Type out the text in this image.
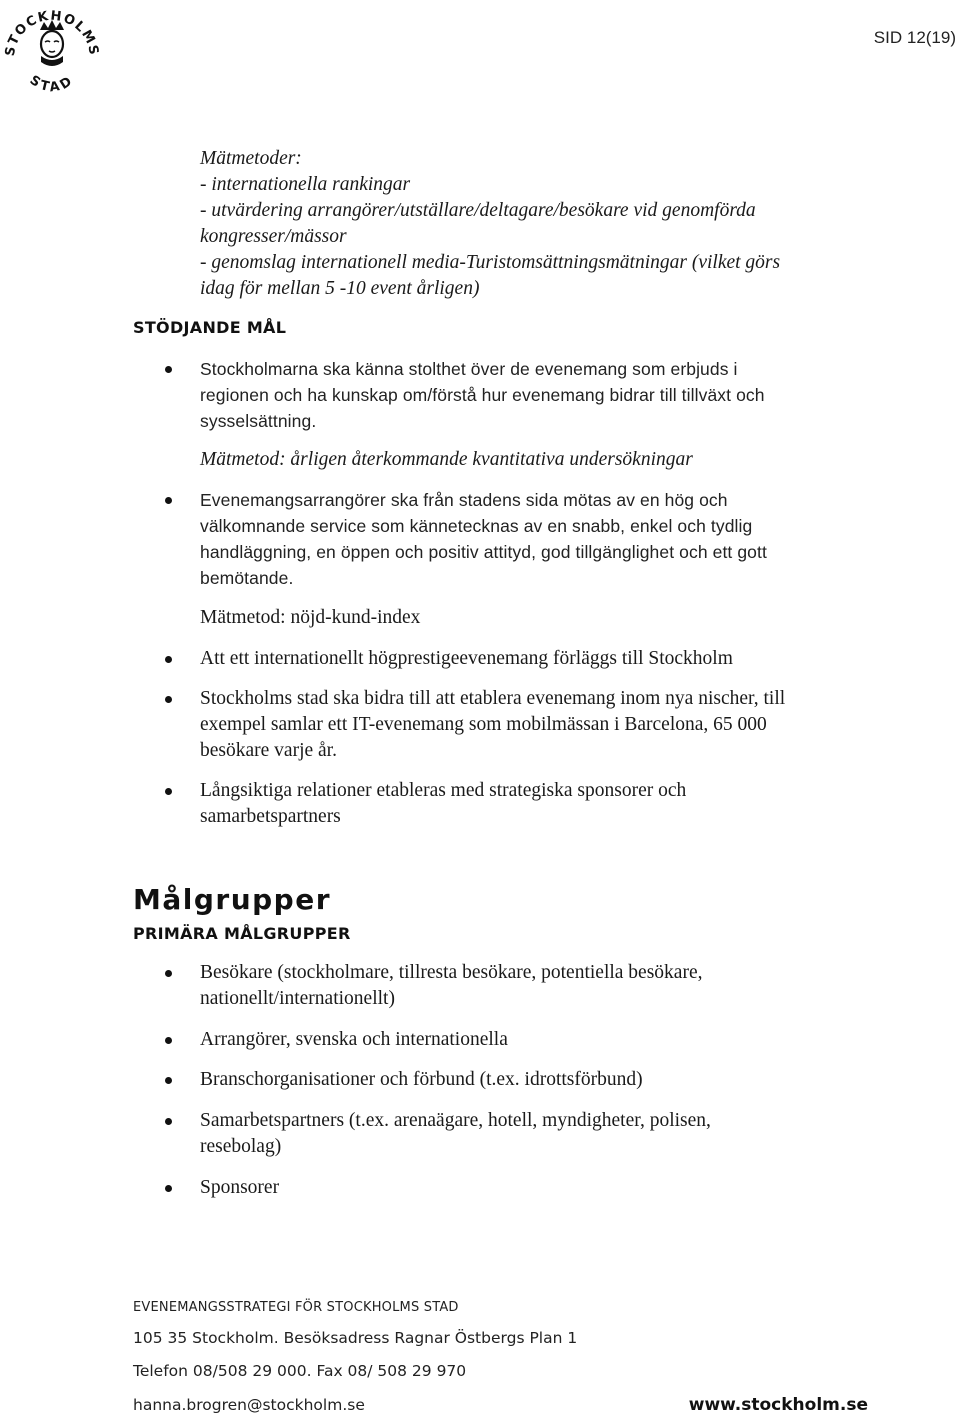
STOCKHOLMS
STAD
SID 12(19)
Mätmetoder:
- internationella rankingar
- utvärdering arrangörer/utställare/deltagare/besökare vid genomförda
kongresser/mässor
- genomslag internationell media-Turistomsättningsmätningar (vilket görs
idag för mellan 5 -10 event årligen)
STÖDJANDE MÅL
Stockholmarna ska känna stolthet över de evenemang som erbjuds i
regionen och ha kunskap om/förstå hur evenemang bidrar till tillväxt och
sysselsättning.
Mätmetod: årligen återkommande kvantitativa undersökningar
Evenemangsarrangörer ska från stadens sida mötas av en hög och
välkomnande service som kännetecknas av en snabb, enkel och tydlig
handläggning, en öppen och positiv attityd, god tillgänglighet och ett gott
bemötande.
Mätmetod: nöjd-kund-index
Att ett internationellt högprestigeevenemang förläggs till Stockholm
Stockholms stad ska bidra till att etablera evenemang inom nya nischer, till
exempel samlar ett IT-evenemang som mobilmässan i Barcelona, 65 000
besökare varje år.
Långsiktiga relationer etableras med strategiska sponsorer och
samarbetspartners
Målgrupper
PRIMÄRA MÅLGRUPPER
Besökare (stockholmare, tillresta besökare, potentiella besökare,
nationellt/internationellt)
Arrangörer, svenska och internationella
Branschorganisationer och förbund (t.ex. idrottsförbund)
Samarbetspartners (t.ex. arenaägare, hotell, myndigheter, polisen,
resebolag)
Sponsorer
EVENEMANGSSTRATEGI FÖR STOCKHOLMS STAD
105 35 Stockholm. Besöksadress Ragnar Östbergs Plan 1
Telefon 08/508 29 000. Fax 08/ 508 29 970
hanna.brogren@stockholm.se	www.stockholm.se
